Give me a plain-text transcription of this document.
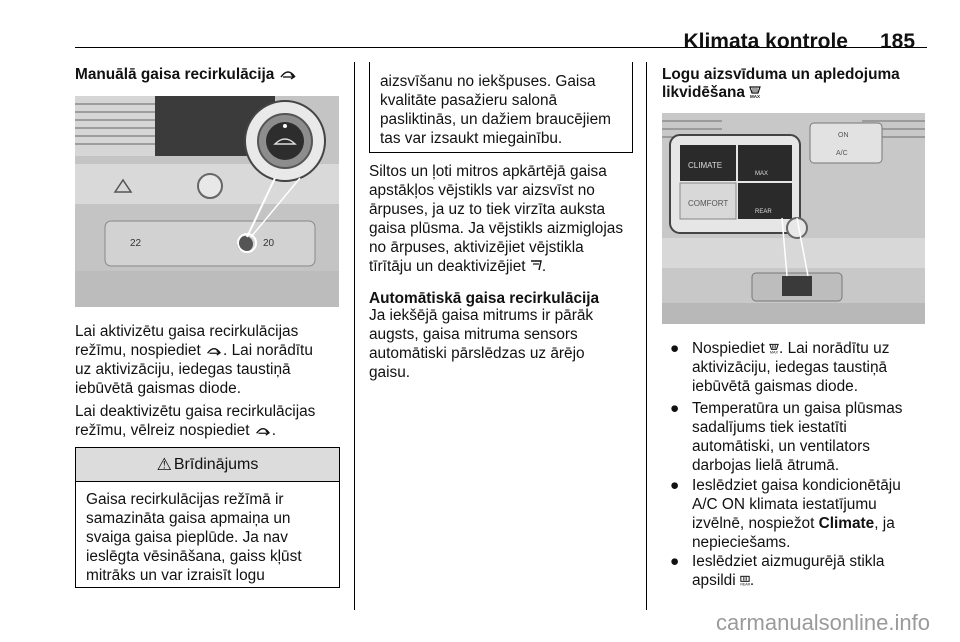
Klimata kontrole 185
Manuālā gaisa recirkulācija
22	20

Lai aktivizētu gaisa recirkulācijas

režīmu, nospiediet . Lai norādītu

uz aktivizāciju, iedegas taustiņā

iebūvētā gaismas diode.

Lai deaktivizētu gaisa recirkulācijas

režīmu, vēlreiz nospiediet .

⚠ Brīdinājums

Gaisa recirkulācijas režīmā ir

samazināta gaisa apmaiņa un

svaiga gaisa pieplūde. Ja nav

ieslēgta vēsināšana, gaiss kļūst

mitrāks un var izraisīt logu

aizsvīšanu no iekšpuses. Gaisa

kvalitāte pasažieru salonā

pasliktinās, un dažiem braucējiem

tas var izsaukt miegainību.

Siltos un ļoti mitros apkārtējā gaisa

apstākļos vējstikls var aizsvīst no

ārpuses, ja uz to tiek virzīta auksta

gaisa plūsma. Ja vējstikls aizmiglojas

no ārpuses, aktivizējiet vējstikla

tīrītāju un deaktivizējiet .

Automātiskā gaisa recirkulācija

Ja iekšējā gaisa mitrums ir pārāk

augsts, gaisa mitruma sensors

automātiski pārslēdzas uz ārējo

gaisu.

Logu aizsvīduma un apledojuma
likvidēšana MAX
CLIMATE
COMFORT
MAX
REAR
ON
A/C
● Nospiediet MAX . Lai norādītu uz

aktivizāciju, iedegas taustiņā

iebūvētā gaismas diode.

● Temperatūra un gaisa plūsmas

sadalījums tiek iestatīti

automātiski, un ventilators

darbojas lielā ātrumā.

● Ieslēdziet gaisa kondicionētāju

A/C ON klimata iestatījumu

izvēlnē, nospiežot Climate, ja

nepieciešams.

● Ieslēdziet aizmugurējā stikla

apsildi REAR .

carmanualsonline.info
